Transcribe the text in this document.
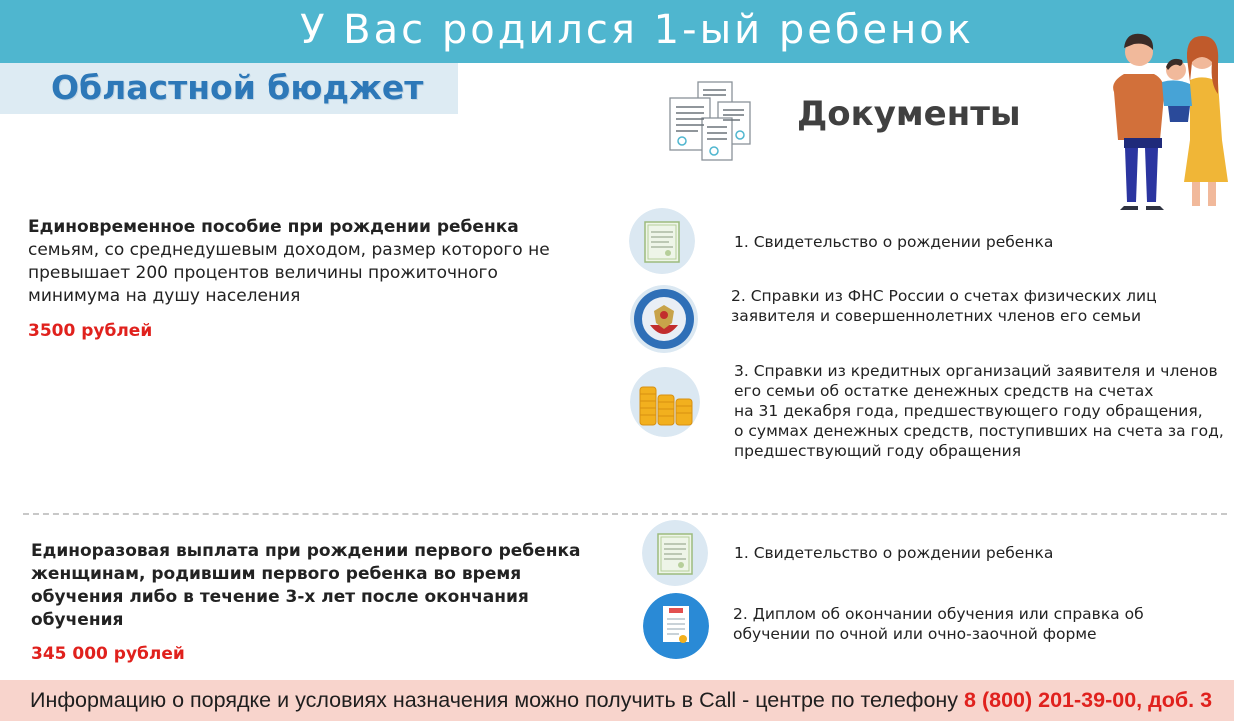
У Вас родился 1-ый ребенок
Областной бюджет
Документы
Единовременное пособие при рождении ребенка
семьям, со среднедушевым доходом, размер которого не
превышает 200 процентов величины прожиточного
минимума на душу населения
3500 рублей
1. Свидетельство о рождении ребенка
2. Справки из ФНС России о счетах физических лиц
заявителя и совершеннолетних членов его семьи
3. Справки из кредитных организаций заявителя и членов
его семьи об остатке денежных средств на счетах
на 31 декабря года, предшествующего году обращения,
о суммах денежных средств, поступивших на счета за год,
предшествующий году обращения
Единоразовая выплата при рождении первого ребенка
женщинам, родившим первого ребенка во время
обучения либо в течение 3-х лет после окончания
обучения
345 000 рублей
1. Свидетельство о рождении ребенка
2. Диплом об окончании обучения или справка об
обучении по очной или очно-заочной форме
Информацию о порядке и условиях назначения можно получить в Call - центре по телефону 8 (800) 201-39-00, доб. 3
